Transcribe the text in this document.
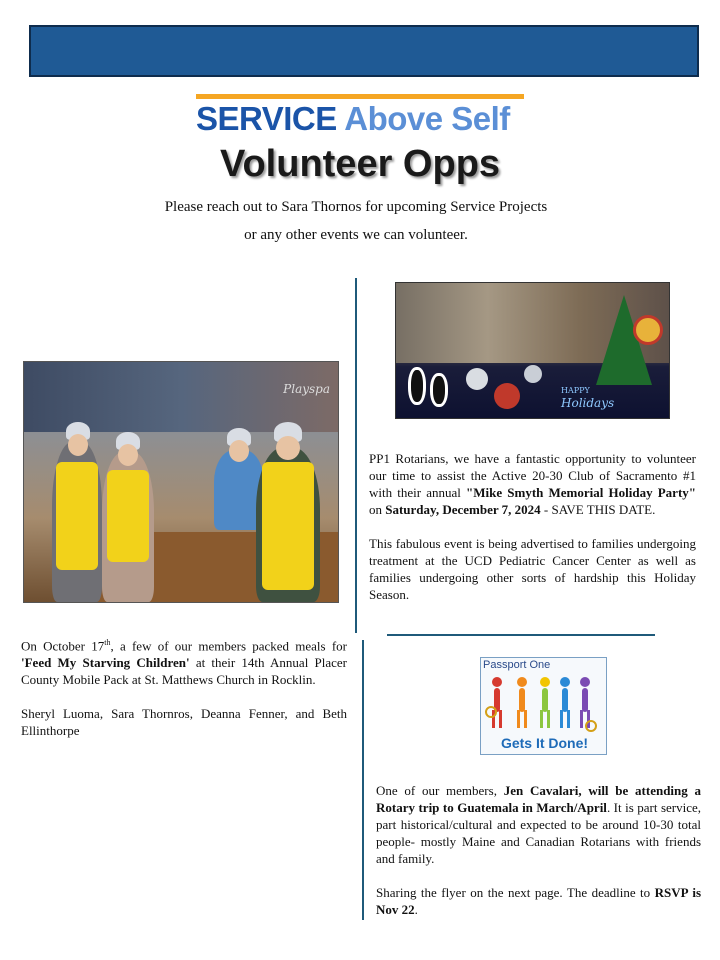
SERVICE Above Self
Volunteer Opps
Please reach out to Sara Thornos for upcoming Service Projects
or any other events we can volunteer.
Playspa

On October 17th, a few of our members packed meals for 'Feed My Starving Children' at their 14th Annual Placer County Mobile Pack at St. Matthews Church in Rocklin.

Sheryl Luoma, Sara Thornros, Deanna Fenner, and Beth Ellinthorpe

HAPPY
Holidays

PP1 Rotarians, we have a fantastic opportunity to volunteer our time to assist the Active 20-30 Club of Sacramento #1 with their annual "Mike Smyth Memorial Holiday Party" on Saturday, December 7, 2024 - SAVE THIS DATE.

This fabulous event is being advertised to families undergoing treatment at the UCD Pediatric Cancer Center as well as families undergoing other sorts of hardship this Holiday Season.

Passport One
Gets It Done!

One of our members, Jen Cavalari, will be attending a Rotary trip to Guatemala in March/April. It is part service, part historical/cultural and expected to be around 10-30 total people- mostly Maine and Canadian Rotarians with friends and family.

Sharing the flyer on the next page. The deadline to RSVP is Nov 22.
